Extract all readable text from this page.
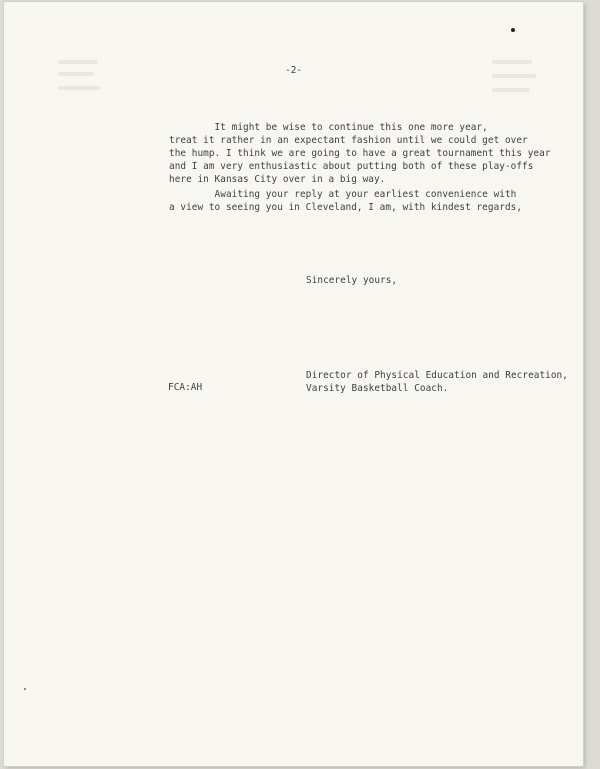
-2-

It might be wise to continue this one more year,
treat it rather in an expectant fashion until we could get over
the hump. I think we are going to have a great tournament this year
and I am very enthusiastic about putting both of these play-offs
here in Kansas City over in a big way.

Awaiting your reply at your earliest convenience with
a view to seeing you in Cleveland, I am, with kindest regards,

Sincerely yours,

Director of Physical Education and Recreation,
Varsity Basketball Coach.

FCA:AH
